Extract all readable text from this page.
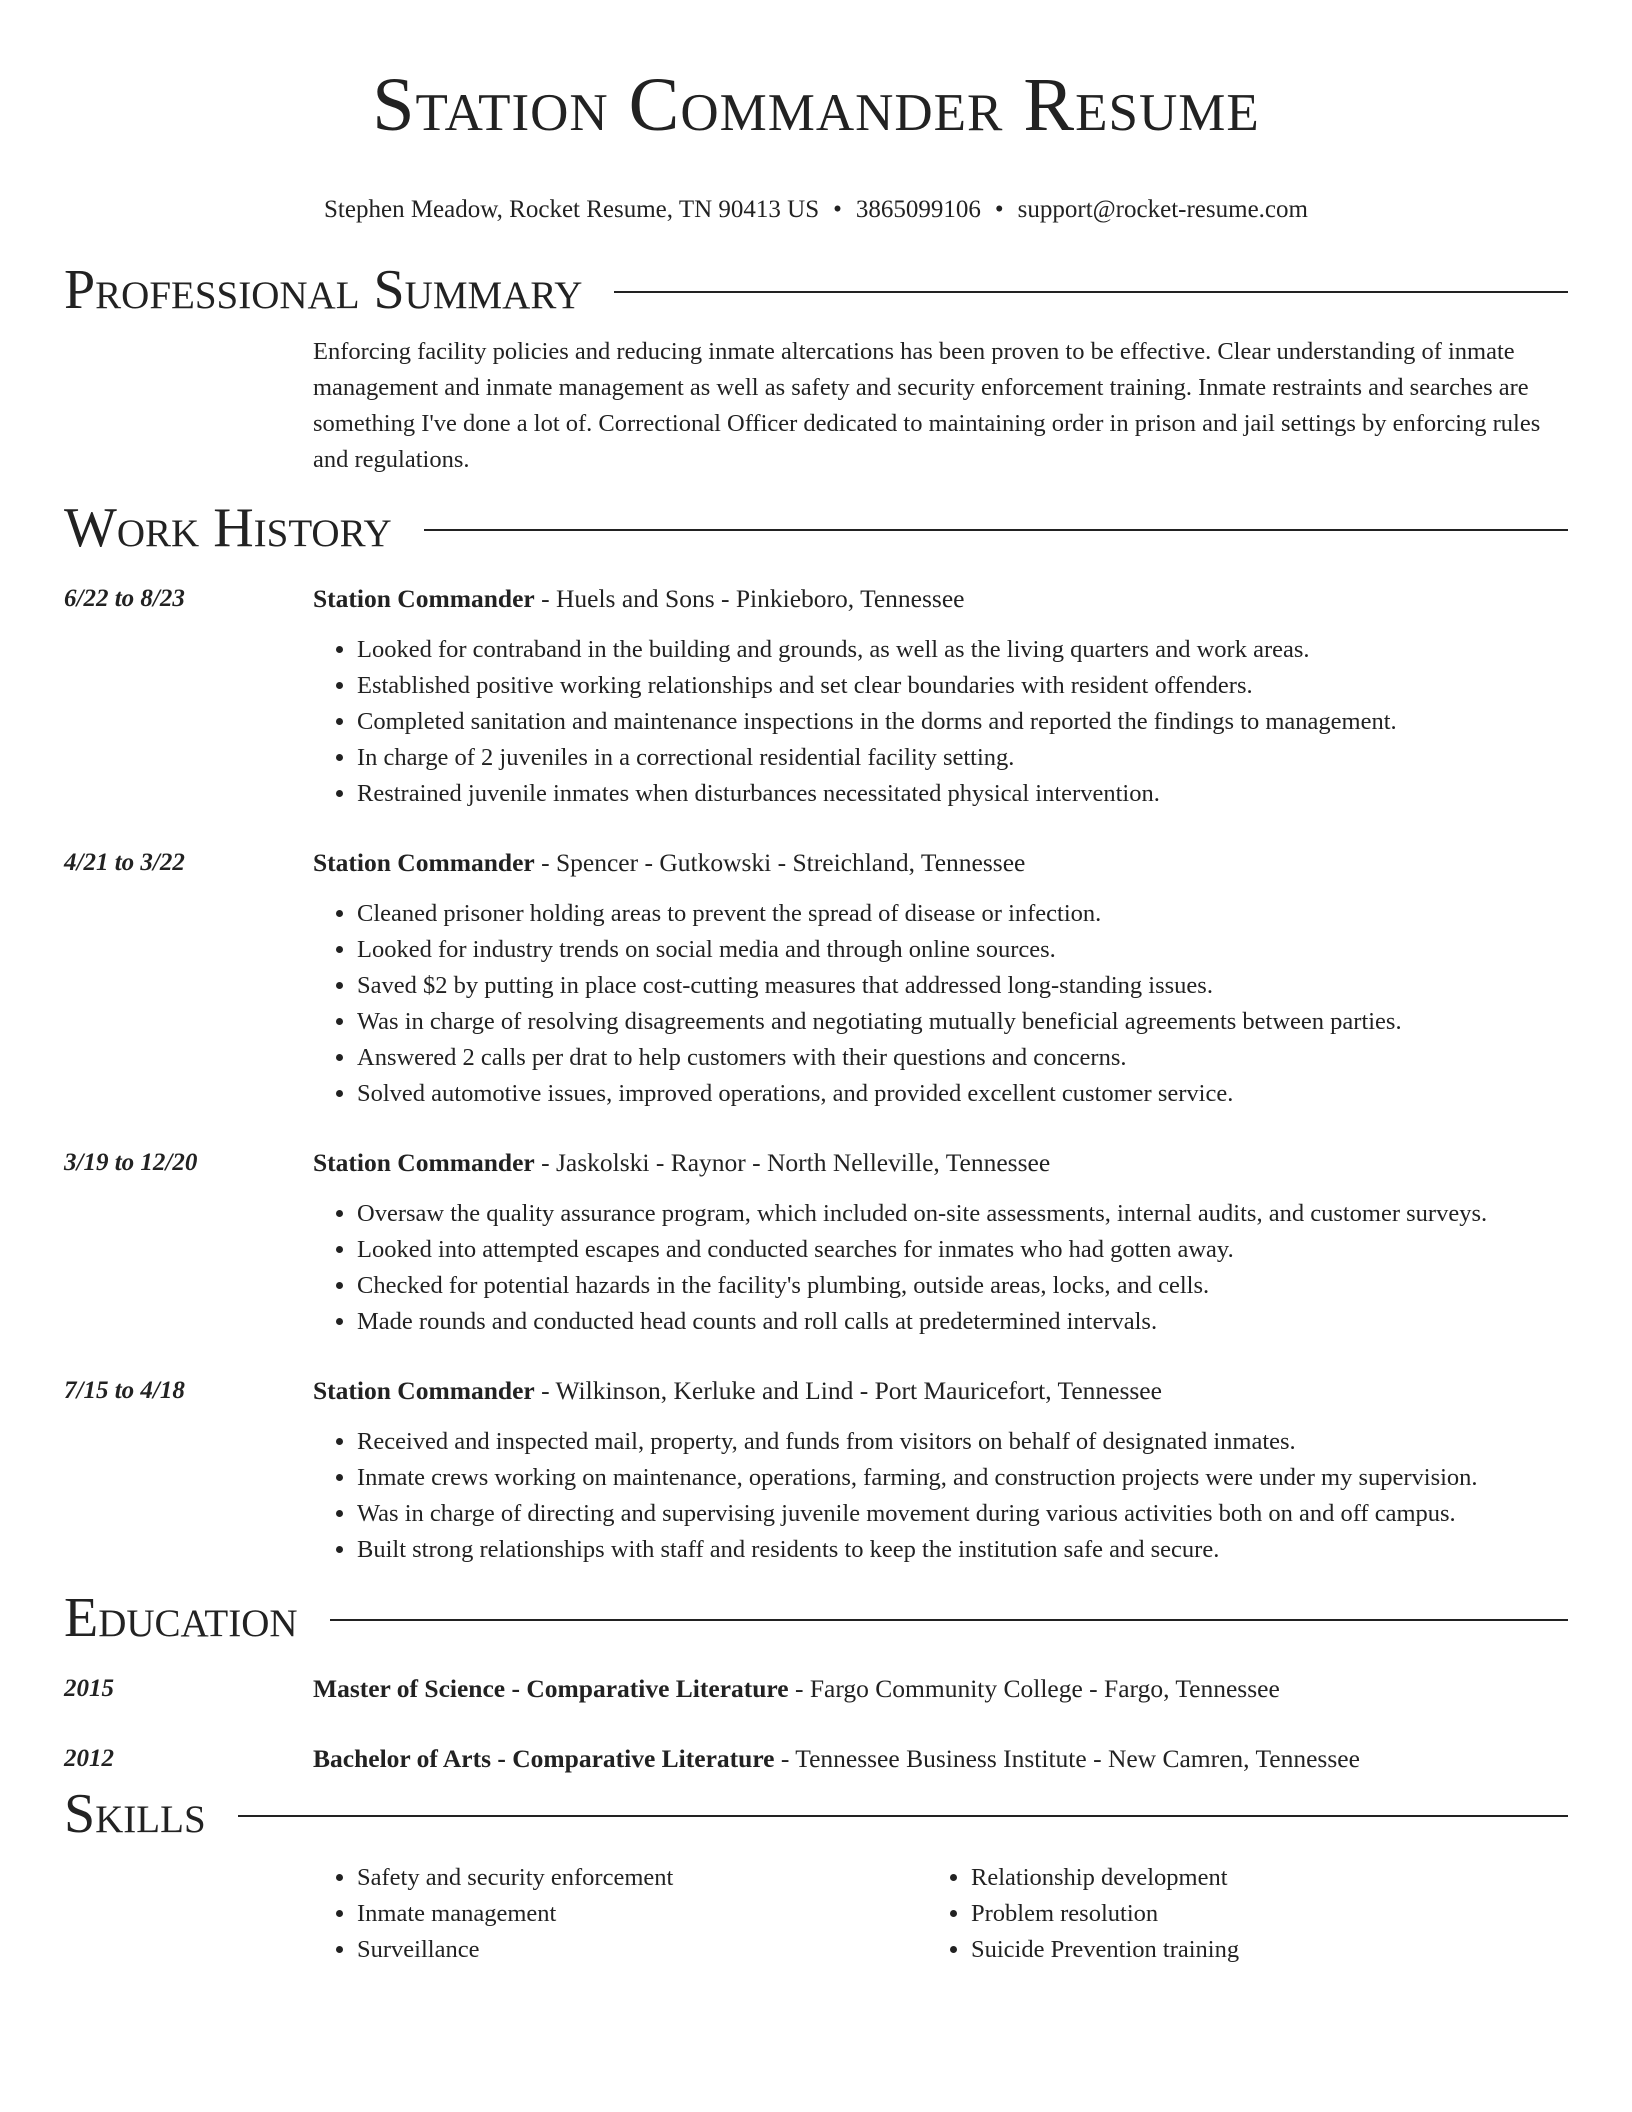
Station Commander Resume
Stephen Meadow, Rocket Resume, TN 90413 US • 3865099106 • support@rocket-resume.com
Professional Summary
Enforcing facility policies and reducing inmate altercations has been proven to be effective. Clear understanding of inmate management and inmate management as well as safety and security enforcement training. Inmate restraints and searches are something I've done a lot of. Correctional Officer dedicated to maintaining order in prison and jail settings by enforcing rules and regulations.
Work History
6/22 to 8/23	Station Commander - Huels and Sons - Pinkieboro, Tennessee
• Looked for contraband in the building and grounds, as well as the living quarters and work areas.
• Established positive working relationships and set clear boundaries with resident offenders.
• Completed sanitation and maintenance inspections in the dorms and reported the findings to management.
• In charge of 2 juveniles in a correctional residential facility setting.
• Restrained juvenile inmates when disturbances necessitated physical intervention.
4/21 to 3/22	Station Commander - Spencer - Gutkowski - Streichland, Tennessee
• Cleaned prisoner holding areas to prevent the spread of disease or infection.
• Looked for industry trends on social media and through online sources.
• Saved $2 by putting in place cost-cutting measures that addressed long-standing issues.
• Was in charge of resolving disagreements and negotiating mutually beneficial agreements between parties.
• Answered 2 calls per drat to help customers with their questions and concerns.
• Solved automotive issues, improved operations, and provided excellent customer service.
3/19 to 12/20	Station Commander - Jaskolski - Raynor - North Nelleville, Tennessee
• Oversaw the quality assurance program, which included on-site assessments, internal audits, and customer surveys.
• Looked into attempted escapes and conducted searches for inmates who had gotten away.
• Checked for potential hazards in the facility's plumbing, outside areas, locks, and cells.
• Made rounds and conducted head counts and roll calls at predetermined intervals.
7/15 to 4/18	Station Commander - Wilkinson, Kerluke and Lind - Port Mauricefort, Tennessee
• Received and inspected mail, property, and funds from visitors on behalf of designated inmates.
• Inmate crews working on maintenance, operations, farming, and construction projects were under my supervision.
• Was in charge of directing and supervising juvenile movement during various activities both on and off campus.
• Built strong relationships with staff and residents to keep the institution safe and secure.
Education
2015	Master of Science - Comparative Literature - Fargo Community College - Fargo, Tennessee
2012	Bachelor of Arts - Comparative Literature - Tennessee Business Institute - New Camren, Tennessee
Skills
• Safety and security enforcement
• Inmate management
• Surveillance
• Relationship development
• Problem resolution
• Suicide Prevention training
